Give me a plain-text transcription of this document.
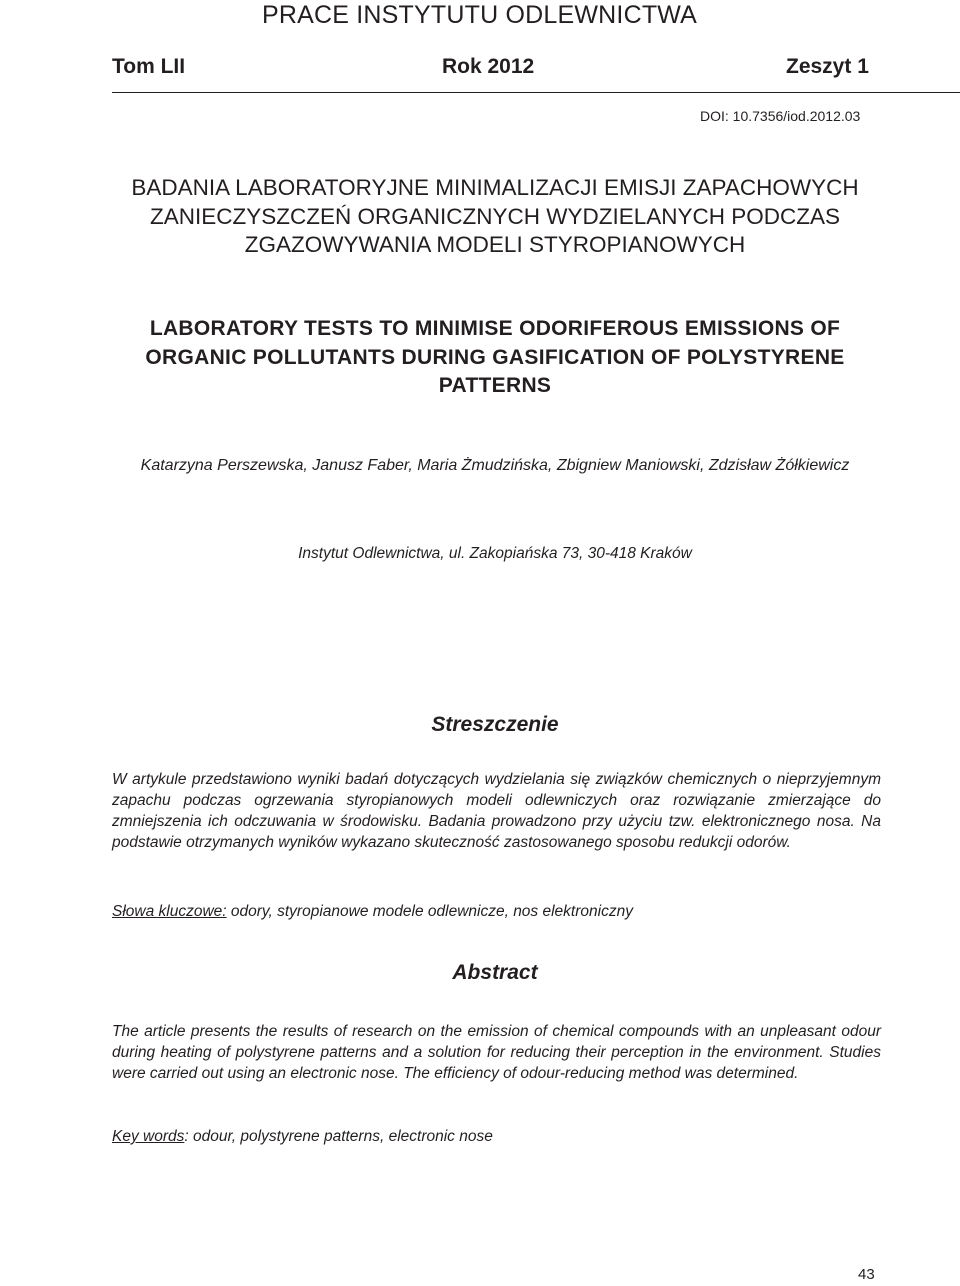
PRACE INSTYTUTU ODLEWNICTWA
Tom LII	Rok 2012	Zeszyt 1
DOI: 10.7356/iod.2012.03
BADANIA LABORATORYJNE MINIMALIZACJI EMISJI ZAPACHOWYCH ZANIECZYSZCZEŃ ORGANICZNYCH WYDZIELANYCH PODCZAS ZGAZOWYWANIA MODELI STYROPIANOWYCH
LABORATORY TESTS TO MINIMISE ODORIFEROUS EMISSIONS OF ORGANIC POLLUTANTS DURING GASIFICATION OF POLYSTYRENE PATTERNS
Katarzyna Perszewska, Janusz Faber, Maria Żmudzińska, Zbigniew Maniowski, Zdzisław Żółkiewicz
Instytut Odlewnictwa, ul. Zakopiańska 73, 30-418 Kraków
Streszczenie

W artykule przedstawiono wyniki badań dotyczących wydzielania się związków chemicznych o nieprzyjemnym zapachu podczas ogrzewania styropianowych modeli odlewniczych oraz rozwiązanie zmierzające do zmniejszenia ich odczuwania w środowisku. Badania prowadzono przy użyciu tzw. elektronicznego nosa. Na podstawie otrzymanych wyników wykazano skuteczność zastosowanego sposobu redukcji odorów.

Słowa kluczowe: odory, styropianowe modele odlewnicze, nos elektroniczny

Abstract

The article presents the results of research on the emission of chemical compounds with an unpleasant odour during heating of polystyrene patterns and a solution for reducing their perception in the environment. Studies were carried out using an electronic nose. The efficiency of odour-reducing method was determined.

Key words: odour, polystyrene patterns, electronic nose

43
